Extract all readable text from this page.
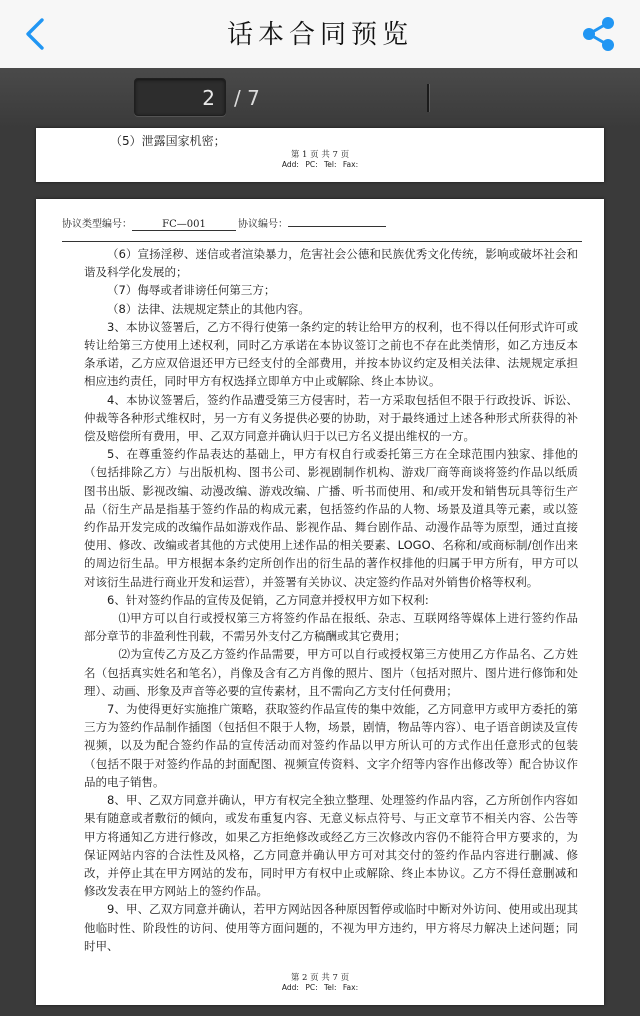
话本合同预览
2 / 7
（5）泄露国家机密；
第 1 页 共 7 页
Add: PC: Tel: Fax:
协议类型编号：	FC—001	协议编号：

（6）宣扬淫秽、迷信或者渲染暴力，危害社会公德和民族优秀文化传统，影响或破坏社会和谐及科学化发展的；

（7）侮辱或者诽谤任何第三方；

（8）法律、法规规定禁止的其他内容。

3、本协议签署后，乙方不得行使第一条约定的转让给甲方的权利，也不得以任何形式许可或转让给第三方使用上述权利，同时乙方承诺在本协议签订之前也不存在此类情形，如乙方违反本条承诺，乙方应双倍退还甲方已经支付的全部费用，并按本协议约定及相关法律、法规规定承担相应违约责任，同时甲方有权选择立即单方中止或解除、终止本协议。

4、本协议签署后，签约作品遭受第三方侵害时，若一方采取包括但不限于行政投诉、诉讼、仲裁等各种形式维权时，另一方有义务提供必要的协助，对于最终通过上述各种形式所获得的补偿及赔偿所有费用，甲、乙双方同意并确认归于以已方名义提出维权的一方。

5、在尊重签约作品表达的基础上，甲方有权自行或委托第三方在全球范围内独家、排他的（包括排除乙方）与出版机构、图书公司、影视剧制作机构、游戏厂商等商谈将签约作品以纸质图书出版、影视改编、动漫改编、游戏改编、广播、听书而使用、和/或开发和销售玩具等衍生产品（衍生产品是指基于签约作品的构成元素，包括签约作品的人物、场景及道具等元素，或以签约作品开发完成的改编作品如游戏作品、影视作品、舞台剧作品、动漫作品等为原型，通过直接使用、修改、改编或者其他的方式使用上述作品的相关要素、LOGO、名称和/或商标制/创作出来的周边衍生品。甲方根据本条约定所创作出的衍生品的著作权排他的归属于甲方所有，甲方可以对该衍生品进行商业开发和运营），并签署有关协议、决定签约作品对外销售价格等权利。

6、针对签约作品的宣传及促销，乙方同意并授权甲方如下权利:

⑴甲方可以自行或授权第三方将签约作品在报纸、杂志、互联网络等媒体上进行签约作品部分章节的非盈利性刊载，不需另外支付乙方稿酬或其它费用；

⑵为宣传乙方及乙方签约作品需要，甲方可以自行或授权第三方使用乙方作品名、乙方姓名（包括真实姓名和笔名），肖像及含有乙方肖像的照片、图片（包括对照片、图片进行修饰和处理）、动画、形象及声音等必要的宣传素材，且不需向乙方支付任何费用；

7、为使得更好实施推广策略，获取签约作品宣传的集中效能，乙方同意甲方或甲方委托的第三方为签约作品制作插图（包括但不限于人物，场景，剧情，物品等内容）、电子语音朗读及宣传视频，以及为配合签约作品的宣传活动而对签约作品以甲方所认可的方式作出任意形式的包装（包括不限于对签约作品的封面配图、视频宣传资料、文字介绍等内容作出修改等）配合协议作品的电子销售。

8、甲、乙双方同意并确认，甲方有权完全独立整理、处理签约作品内容，乙方所创作内容如果有随意或者敷衍的倾向，或发布重复内容、无意义标点符号、与正文章节不相关内容、公告等甲方将通知乙方进行修改，如果乙方拒绝修改或经乙方三次修改内容仍不能符合甲方要求的，为保证网站内容的合法性及风格，乙方同意并确认甲方可对其交付的签约作品内容进行删减、修改，并停止其在甲方网站的发布，同时甲方有权中止或解除、终止本协议。乙方不得任意删减和修改发表在甲方网站上的签约作品。

9、甲、乙双方同意并确认，若甲方网站因各种原因暂停或临时中断对外访问、使用或出现其他临时性、阶段性的访问、使用等方面问题的，不视为甲方违约，甲方将尽力解决上述问题；同时甲、

第 2 页 共 7 页
Add: PC: Tel: Fax:
